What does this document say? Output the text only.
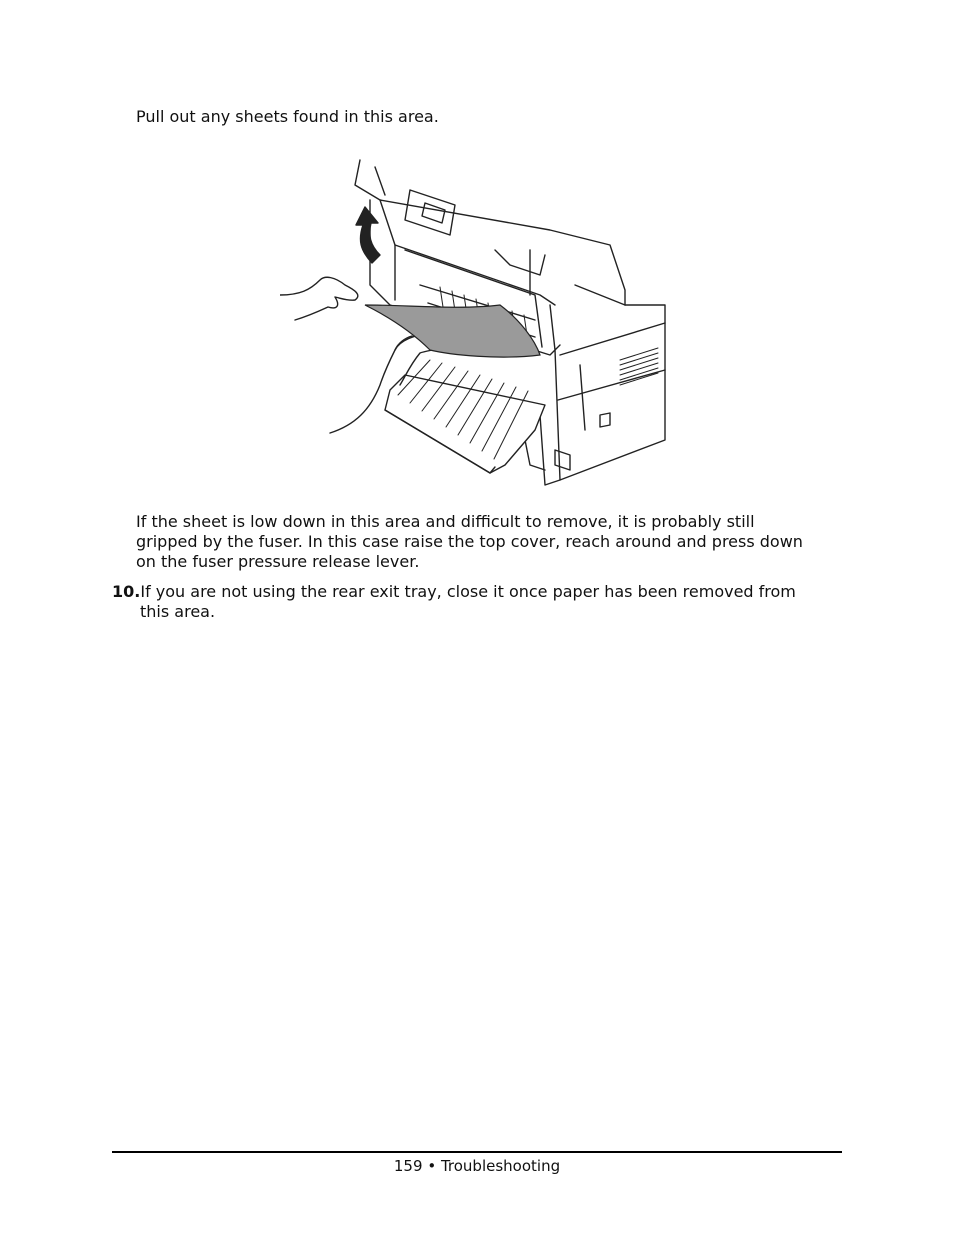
Pull out any sheets found in this area.

If the sheet is low down in this area and difficult to remove, it is probably still
gripped by the fuser. In this case raise the top cover, reach around and press down
on the fuser pressure release lever.

10.If you are not using the rear exit tray, close it once paper has been removed from
this area.
159 • Troubleshooting
